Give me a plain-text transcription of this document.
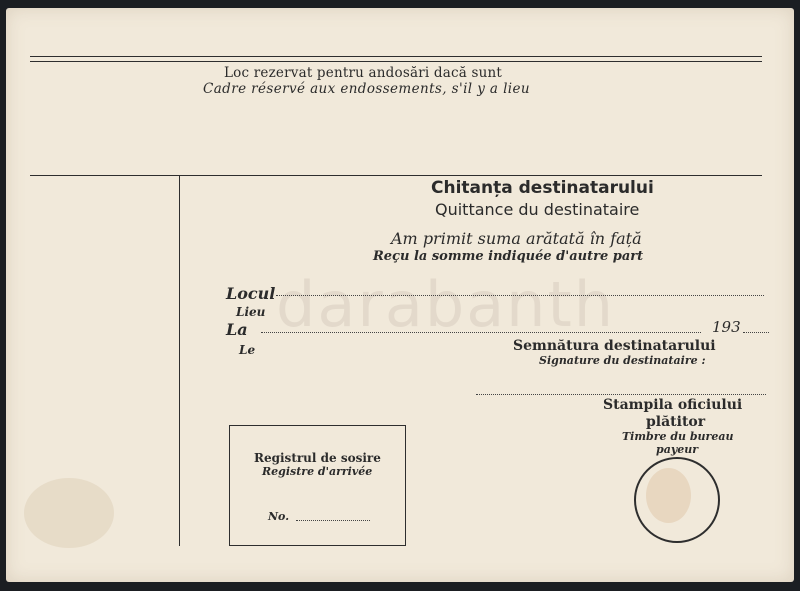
Loc rezervat pentru andosări dacă sunt
Cadre réservé aux endossements, s'il y a lieu
Chitanța destinatarului
Quittance du destinataire
Am primit suma arătată în față
Reçu la somme indiquée d'autre part
darabanth
Locul
Lieu
La
Le
193
Semnătura destinatarului
Signature du destinataire :
Stampila oficiului
plătitor
Timbre du bureau
payeur
Registrul de sosire
Registre d'arrivée
No.
